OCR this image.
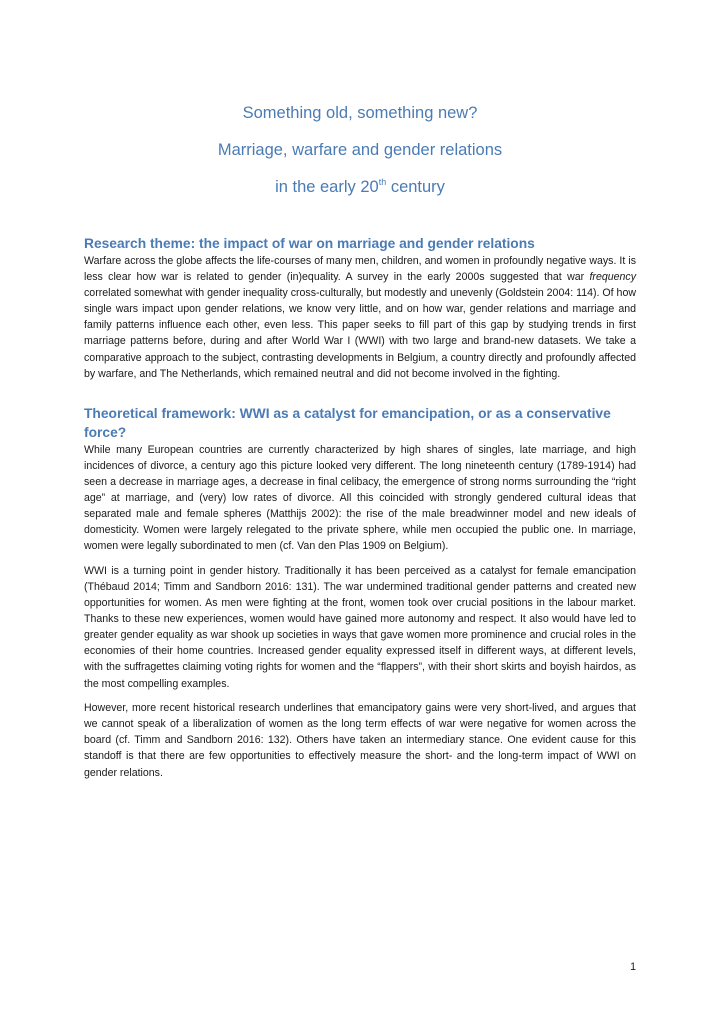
Something old, something new?

Marriage, warfare and gender relations

in the early 20th century

Research theme: the impact of war on marriage and gender relations

Warfare across the globe affects the life-courses of many men, children, and women in profoundly negative ways. It is less clear how war is related to gender (in)equality. A survey in the early 2000s suggested that war frequency correlated somewhat with gender inequality cross-culturally, but modestly and unevenly (Goldstein 2004: 114). Of how single wars impact upon gender relations, we know very little, and on how war, gender relations and marriage and family patterns influence each other, even less. This paper seeks to fill part of this gap by studying trends in first marriage patterns before, during and after World War I (WWI) with two large and brand-new datasets. We take a comparative approach to the subject, contrasting developments in Belgium, a country directly and profoundly affected by warfare, and The Netherlands, which remained neutral and did not become involved in the fighting.

Theoretical framework: WWI as a catalyst for emancipation, or as a conservative force?

While many European countries are currently characterized by high shares of singles, late marriage, and high incidences of divorce, a century ago this picture looked very different. The long nineteenth century (1789-1914) had seen a decrease in marriage ages, a decrease in final celibacy, the emergence of strong norms surrounding the “right age” at marriage, and (very) low rates of divorce. All this coincided with strongly gendered cultural ideas that separated male and female spheres (Matthijs 2002): the rise of the male breadwinner model and new ideals of domesticity. Women were largely relegated to the private sphere, while men occupied the public one. In marriage, women were legally subordinated to men (cf. Van den Plas 1909 on Belgium).

WWI is a turning point in gender history. Traditionally it has been perceived as a catalyst for female emancipation (Thébaud 2014; Timm and Sandborn 2016: 131). The war undermined traditional gender patterns and created new opportunities for women. As men were fighting at the front, women took over crucial positions in the labour market. Thanks to these new experiences, women would have gained more autonomy and respect. It also would have led to greater gender equality as war shook up societies in ways that gave women more prominence and crucial roles in the economies of their home countries. Increased gender equality expressed itself in different ways, at different levels, with the suffragettes claiming voting rights for women and the “flappers”, with their short skirts and boyish hairdos, as the most compelling examples.

However, more recent historical research underlines that emancipatory gains were very short-lived, and argues that we cannot speak of a liberalization of women as the long term effects of war were negative for women across the board (cf. Timm and Sandborn 2016: 132). Others have taken an intermediary stance. One evident cause for this standoff is that there are few opportunities to effectively measure the short- and the long-term impact of WWI on gender relations.

1
